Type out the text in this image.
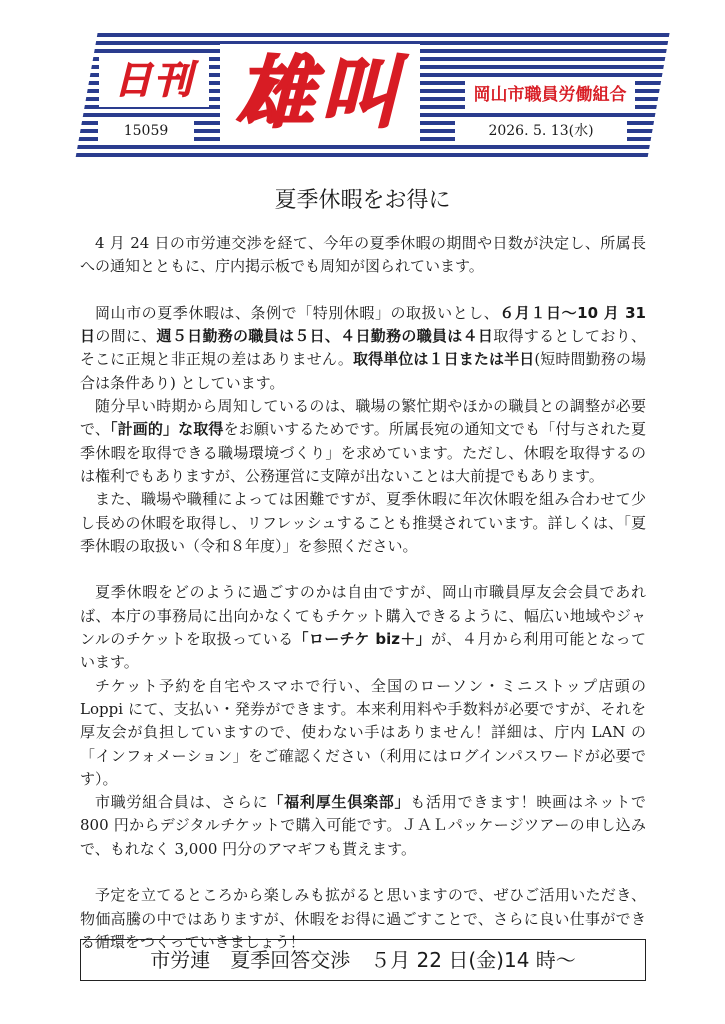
日刊 雄叫	岡山市職員労働組合
15059	2026. 5. 13(水)
夏季休暇をお得に

4 月 24 日の市労連交渉を経て、今年の夏季休暇の期間や日数が決定し、所属長への通知とともに、庁内掲示板でも周知が図られています。

岡山市の夏季休暇は、条例で「特別休暇」の取扱いとし、６月１日〜10 月 31 日の間に、週５日勤務の職員は５日、４日勤務の職員は４日取得するとしており、そこに正規と非正規の差はありません。取得単位は１日または半日(短時間勤務の場合は条件あり) としています。

随分早い時期から周知しているのは、職場の繁忙期やほかの職員との調整が必要で、「計画的」な取得をお願いするためです。所属長宛の通知文でも「付与された夏季休暇を取得できる職場環境づくり」を求めています。ただし、休暇を取得するのは権利でもありますが、公務運営に支障が出ないことは大前提でもあります。

また、職場や職種によっては困難ですが、夏季休暇に年次休暇を組み合わせて少し長めの休暇を取得し、リフレッシュすることも推奨されています。詳しくは、「夏季休暇の取扱い（令和８年度）」を参照ください。

夏季休暇をどのように過ごすのかは自由ですが、岡山市職員厚友会会員であれば、本庁の事務局に出向かなくてもチケット購入できるように、幅広い地域やジャンルのチケットを取扱っている「ローチケ biz＋」が、４月から利用可能となっています。

チケット予約を自宅やスマホで行い、全国のローソン・ミニストップ店頭の Loppi にて、支払い・発券ができます。本来利用料や手数料が必要ですが、それを厚友会が負担していますので、使わない手はありません！詳細は、庁内 LAN の「インフォメーション」をご確認ください（利用にはログインパスワードが必要です）。

市職労組合員は、さらに「福利厚生倶楽部」も活用できます！映画はネットで 800 円からデジタルチケットで購入可能です。ＪＡＬパッケージツアーの申し込みで、もれなく 3,000 円分のアマギフも貰えます。

予定を立てるところから楽しみも拡がると思いますので、ぜひご活用いただき、物価高騰の中ではありますが、休暇をお得に過ごすことで、さらに良い仕事ができる循環をつくっていきましょう！

市労連　夏季回答交渉　５月 22 日(金)14 時〜
